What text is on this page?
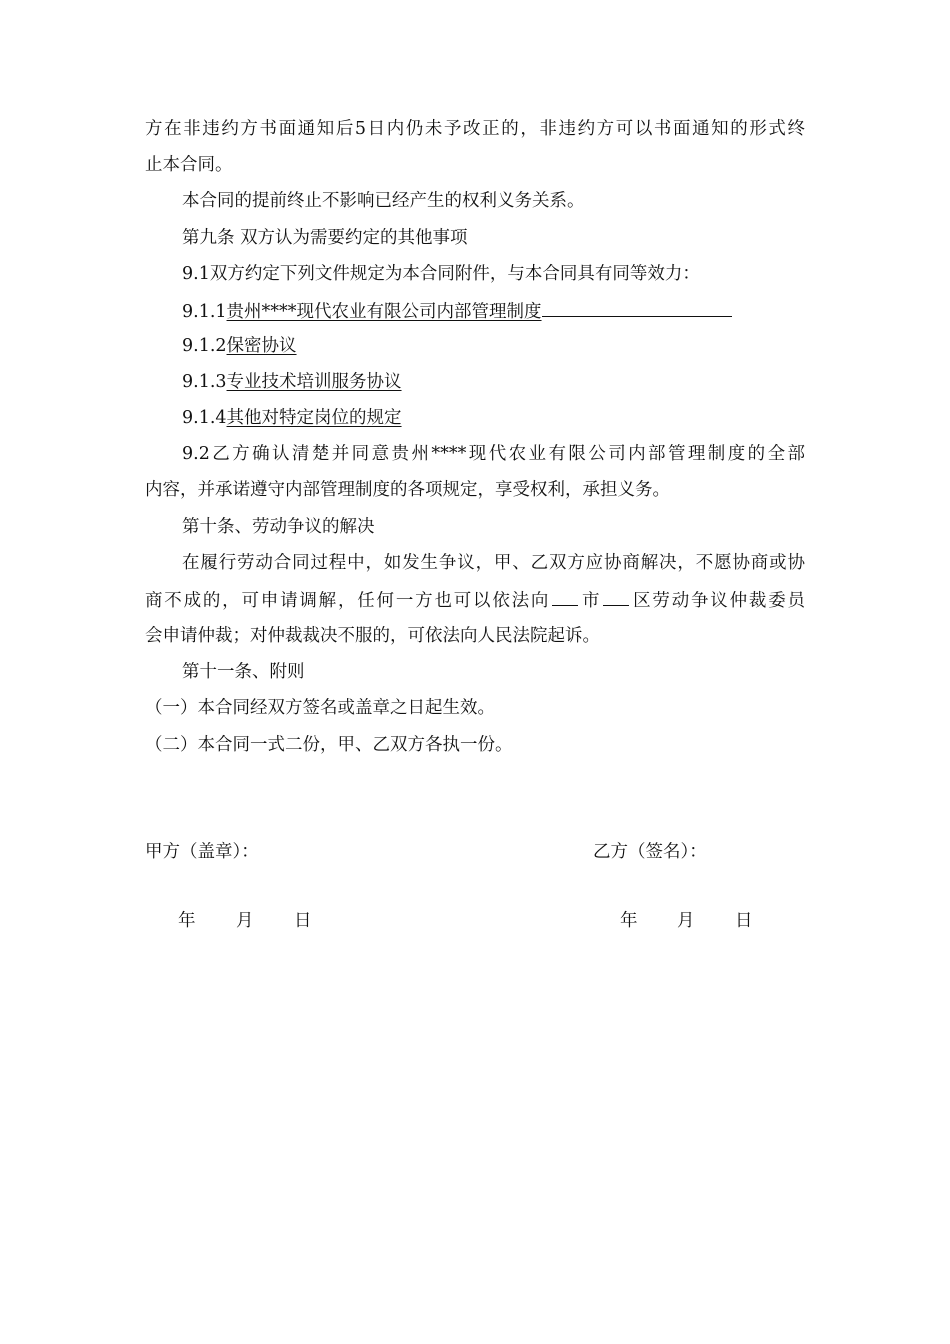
方在非违约方书面通知后5日内仍未予改正的，非违约方可以书面通知的形式终
止本合同。
本合同的提前终止不影响已经产生的权利义务关系。
第九条 双方认为需要约定的其他事项
9.1双方约定下列文件规定为本合同附件，与本合同具有同等效力：
9.1.1贵州****现代农业有限公司内部管理制度
9.1.2保密协议
9.1.3专业技术培训服务协议
9.1.4其他对特定岗位的规定
9.2乙方确认清楚并同意贵州****现代农业有限公司内部管理制度的全部
内容，并承诺遵守内部管理制度的各项规定，享受权利，承担义务。
第十条、劳动争议的解决
在履行劳动合同过程中，如发生争议，甲、乙双方应协商解决，不愿协商或协
商不成的，可申请调解，任何一方也可以依法向 市 区劳动争议仲裁委员
会申请仲裁；对仲裁裁决不服的，可依法向人民法院起诉。
第十一条、附则
（一）本合同经双方签名或盖章之日起生效。
（二）本合同一式二份，甲、乙双方各执一份。
甲方（盖章）：	乙方（签名）：
年 月 日	年 月 日
